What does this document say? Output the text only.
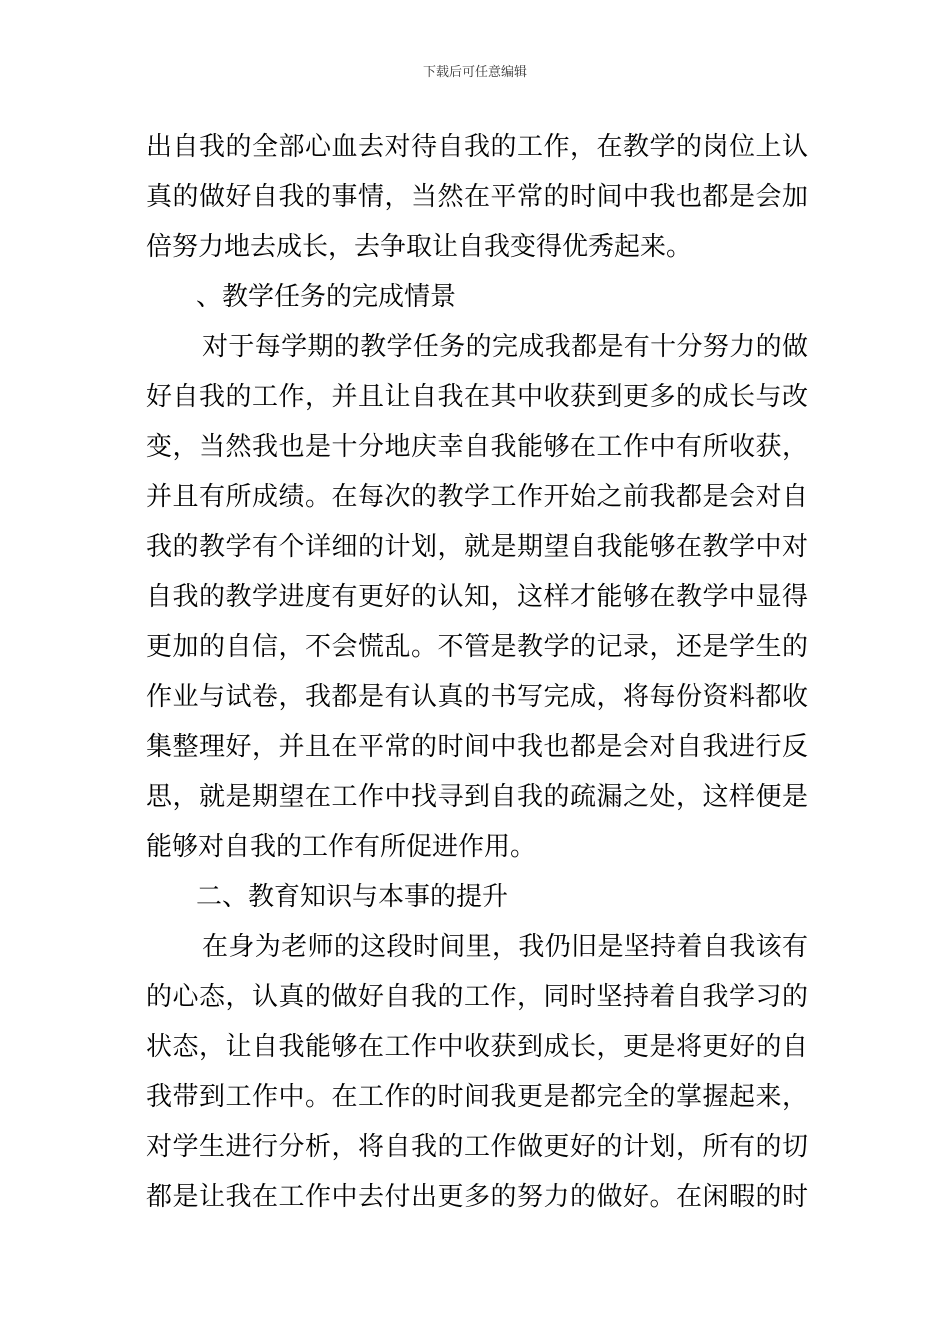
下载后可任意编辑
出自我的全部心血去对待自我的工作，在教学的岗位上认
真的做好自我的事情，当然在平常的时间中我也都是会加
倍努力地去成长，去争取让自我变得优秀起来。
、教学任务的完成情景
对于每学期的教学任务的完成我都是有十分努力的做
好自我的工作，并且让自我在其中收获到更多的成长与改
变，当然我也是十分地庆幸自我能够在工作中有所收获，
并且有所成绩。在每次的教学工作开始之前我都是会对自
我的教学有个详细的计划，就是期望自我能够在教学中对
自我的教学进度有更好的认知，这样才能够在教学中显得
更加的自信，不会慌乱。不管是教学的记录，还是学生的
作业与试卷，我都是有认真的书写完成，将每份资料都收
集整理好，并且在平常的时间中我也都是会对自我进行反
思，就是期望在工作中找寻到自我的疏漏之处，这样便是
能够对自我的工作有所促进作用。
二、教育知识与本事的提升
在身为老师的这段时间里，我仍旧是坚持着自我该有
的心态，认真的做好自我的工作，同时坚持着自我学习的
状态，让自我能够在工作中收获到成长，更是将更好的自
我带到工作中。在工作的时间我更是都完全的掌握起来，
对学生进行分析，将自我的工作做更好的计划，所有的切
都是让我在工作中去付出更多的努力的做好。在闲暇的时
